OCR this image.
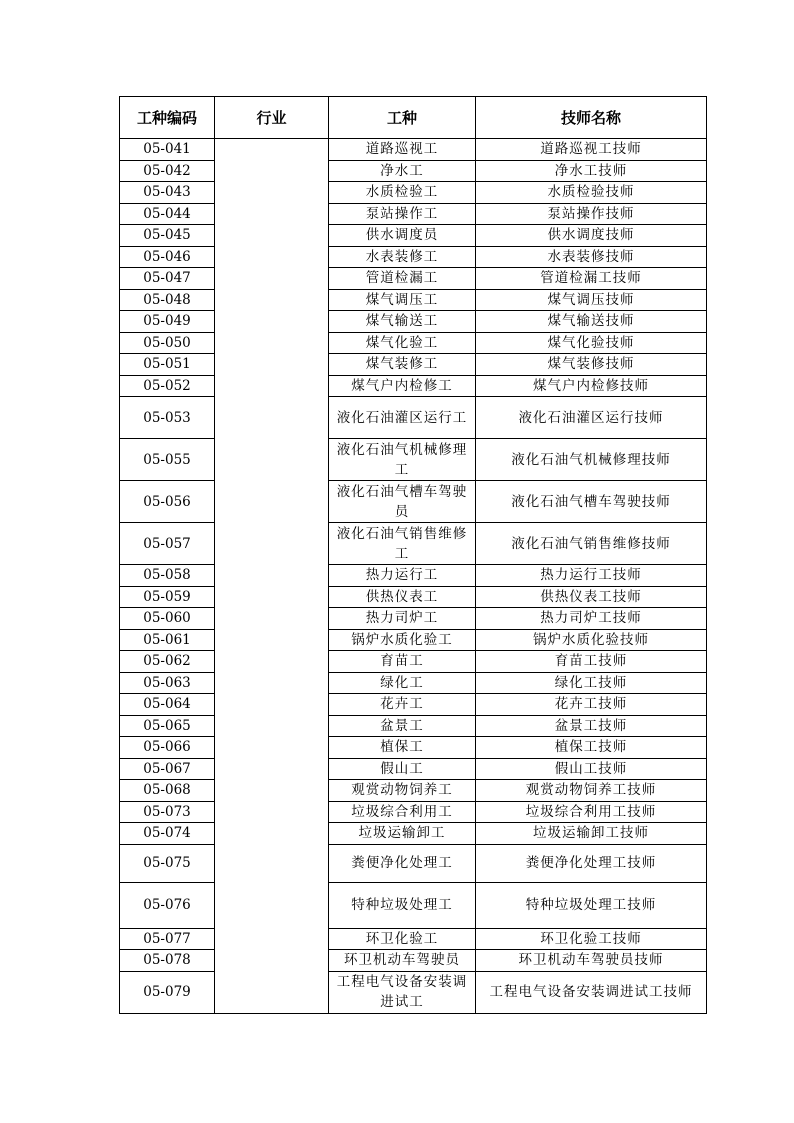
工种编码	行业	工种	技师名称
05-041		道路巡视工	道路巡视工技师
05-042		净水工	净水工技师
05-043		水质检验工	水质检验技师
05-044		泵站操作工	泵站操作技师
05-045		供水调度员	供水调度技师
05-046		水表装修工	水表装修技师
05-047		管道检漏工	管道检漏工技师
05-048		煤气调压工	煤气调压技师
05-049		煤气输送工	煤气输送技师
05-050		煤气化验工	煤气化验技师
05-051		煤气装修工	煤气装修技师
05-052		煤气户内检修工	煤气户内检修技师
05-053		液化石油灌区运行工	液化石油灌区运行技师
05-055		液化石油气机械修理工	液化石油气机械修理技师
05-056		液化石油气槽车驾驶员	液化石油气槽车驾驶技师
05-057		液化石油气销售维修工	液化石油气销售维修技师
05-058		热力运行工	热力运行工技师
05-059		供热仪表工	供热仪表工技师
05-060		热力司炉工	热力司炉工技师
05-061		锅炉水质化验工	锅炉水质化验技师
05-062		育苗工	育苗工技师
05-063		绿化工	绿化工技师
05-064		花卉工	花卉工技师
05-065		盆景工	盆景工技师
05-066		植保工	植保工技师
05-067		假山工	假山工技师
05-068		观赏动物饲养工	观赏动物饲养工技师
05-073		垃圾综合利用工	垃圾综合利用工技师
05-074		垃圾运输卸工	垃圾运输卸工技师
05-075		粪便净化处理工	粪便净化处理工技师
05-076		特种垃圾处理工	特种垃圾处理工技师
05-077		环卫化验工	环卫化验工技师
05-078		环卫机动车驾驶员	环卫机动车驾驶员技师
05-079		工程电气设备安装调进试工	工程电气设备安装调进试工技师
